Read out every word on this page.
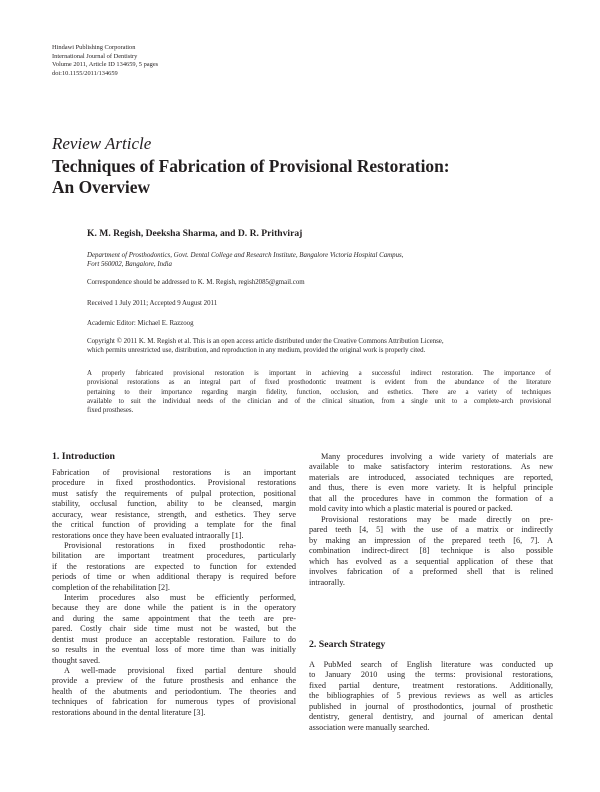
Hindawi Publishing Corporation
International Journal of Dentistry
Volume 2011, Article ID 134659, 5 pages
doi:10.1155/2011/134659
Review Article
Techniques of Fabrication of Provisional Restoration:
An Overview
K. M. Regish, Deeksha Sharma, and D. R. Prithviraj
Department of Prosthodontics, Govt. Dental College and Research Institute, Bangalore Victoria Hospital Campus,
Fort 560002, Bangalore, India
Correspondence should be addressed to K. M. Regish, regish2085@gmail.com
Received 1 July 2011; Accepted 9 August 2011
Academic Editor: Michael E. Razzoog
Copyright © 2011 K. M. Regish et al. This is an open access article distributed under the Creative Commons Attribution License,
which permits unrestricted use, distribution, and reproduction in any medium, provided the original work is properly cited.
A properly fabricated provisional restoration is important in achieving a successful indirect restoration. The importance of
provisional restorations as an integral part of fixed prosthodontic treatment is evident from the abundance of the literature
pertaining to their importance regarding margin fidelity, function, occlusion, and esthetics. There are a variety of techniques
available to suit the individual needs of the clinician and of the clinical situation, from a single unit to a complete-arch provisional
fixed prostheses.
1. Introduction
Fabrication of provisional restorations is an important
procedure in fixed prosthodontics. Provisional restorations
must satisfy the requirements of pulpal protection, positional
stability, occlusal function, ability to be cleansed, margin
accuracy, wear resistance, strength, and esthetics. They serve
the critical function of providing a template for the final
restorations once they have been evaluated intraorally [1].
Provisional restorations in fixed prosthodontic reha-
bilitation are important treatment procedures, particularly
if the restorations are expected to function for extended
periods of time or when additional therapy is required before
completion of the rehabilitation [2].
Interim procedures also must be efficiently performed,
because they are done while the patient is in the operatory
and during the same appointment that the teeth are pre-
pared. Costly chair side time must not be wasted, but the
dentist must produce an acceptable restoration. Failure to do
so results in the eventual loss of more time than was initially
thought saved.
A well-made provisional fixed partial denture should
provide a preview of the future prosthesis and enhance the
health of the abutments and periodontium. The theories and
techniques of fabrication for numerous types of provisional
restorations abound in the dental literature [3].
Many procedures involving a wide variety of materials are
available to make satisfactory interim restorations. As new
materials are introduced, associated techniques are reported,
and thus, there is even more variety. It is helpful principle
that all the procedures have in common the formation of a
mold cavity into which a plastic material is poured or packed.
Provisional restorations may be made directly on pre-
pared teeth [4, 5] with the use of a matrix or indirectly
by making an impression of the prepared teeth [6, 7]. A
combination indirect-direct [8] technique is also possible
which has evolved as a sequential application of these that
involves fabrication of a preformed shell that is relined
intraorally.
2. Search Strategy
A PubMed search of English literature was conducted up
to January 2010 using the terms: provisional restorations,
fixed partial denture, treatment restorations. Additionally,
the bibliographies of 5 previous reviews as well as articles
published in journal of prosthodontics, journal of prosthetic
dentistry, general dentistry, and journal of american dental
association were manually searched.
